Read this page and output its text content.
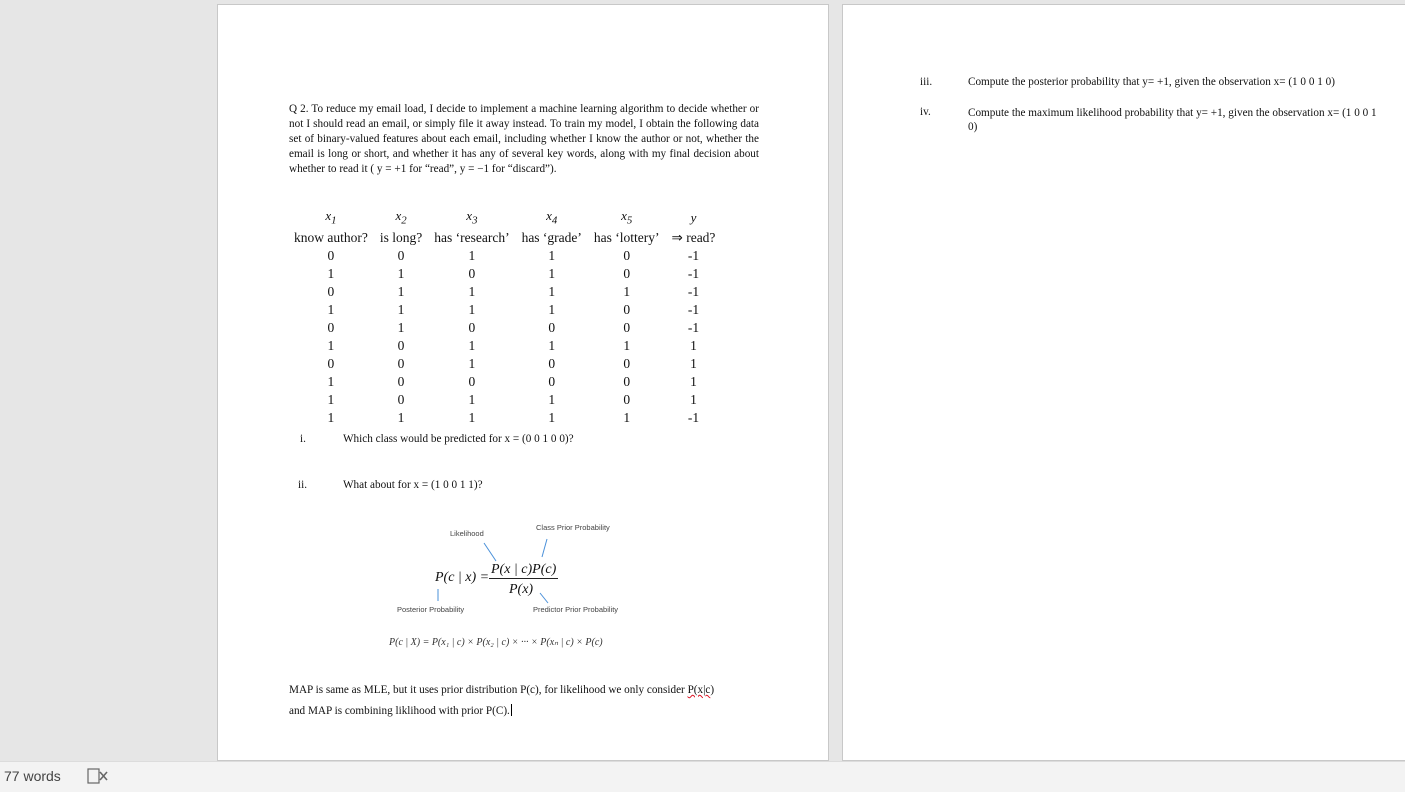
Q 2. To reduce my email load, I decide to implement a machine learning algorithm to decide whether or not I should read an email, or simply file it away instead. To train my model, I obtain the following data set of binary-valued features about each email, including whether I know the author or not, whether the email is long or short, and whether it has any of several key words, along with my final decision about whether to read it ( y = +1 for “read”, y = −1 for “discard”).
$x_1$	$x_2$	$x_3$	$x_4$	$x_5$	y
know author?	is long?	has ‘research’	has ‘grade’	has ‘lottery’	⇒ read?
0	0	1	1	0	-1
1	1	0	1	0	-1
0	1	1	1	1	-1
1	1	1	1	0	-1
0	1	0	0	0	-1
1	0	1	1	1	1
0	0	1	0	0	1
1	0	0	0	0	1
1	0	1	1	0	1
1	1	1	1	1	-1
i.	Which class would be predicted for x = (0 0 1 0 0)?
ii.	What about for x = (1 0 0 1 1)?
Likelihood
Class Prior Probability
P(c | x) =
P(x | c)P(c)
P(x)
Posterior Probability	Predictor Prior Probability
P(c | X) = P(x₁ | c) × P(x₂ | c) × ··· × P(xₙ | c) × P(c)
MAP is same as MLE, but it uses prior distribution P(c), for likelihood we only consider P(x|c)
and MAP is combining liklihood with prior P(C).
iii.	Compute the posterior probability that y= +1, given the observation x= (1 0 0 1 0)
iv.	Compute the maximum likelihood probability that y= +1, given the observation x= (1 0 0 1 0)
77 words
